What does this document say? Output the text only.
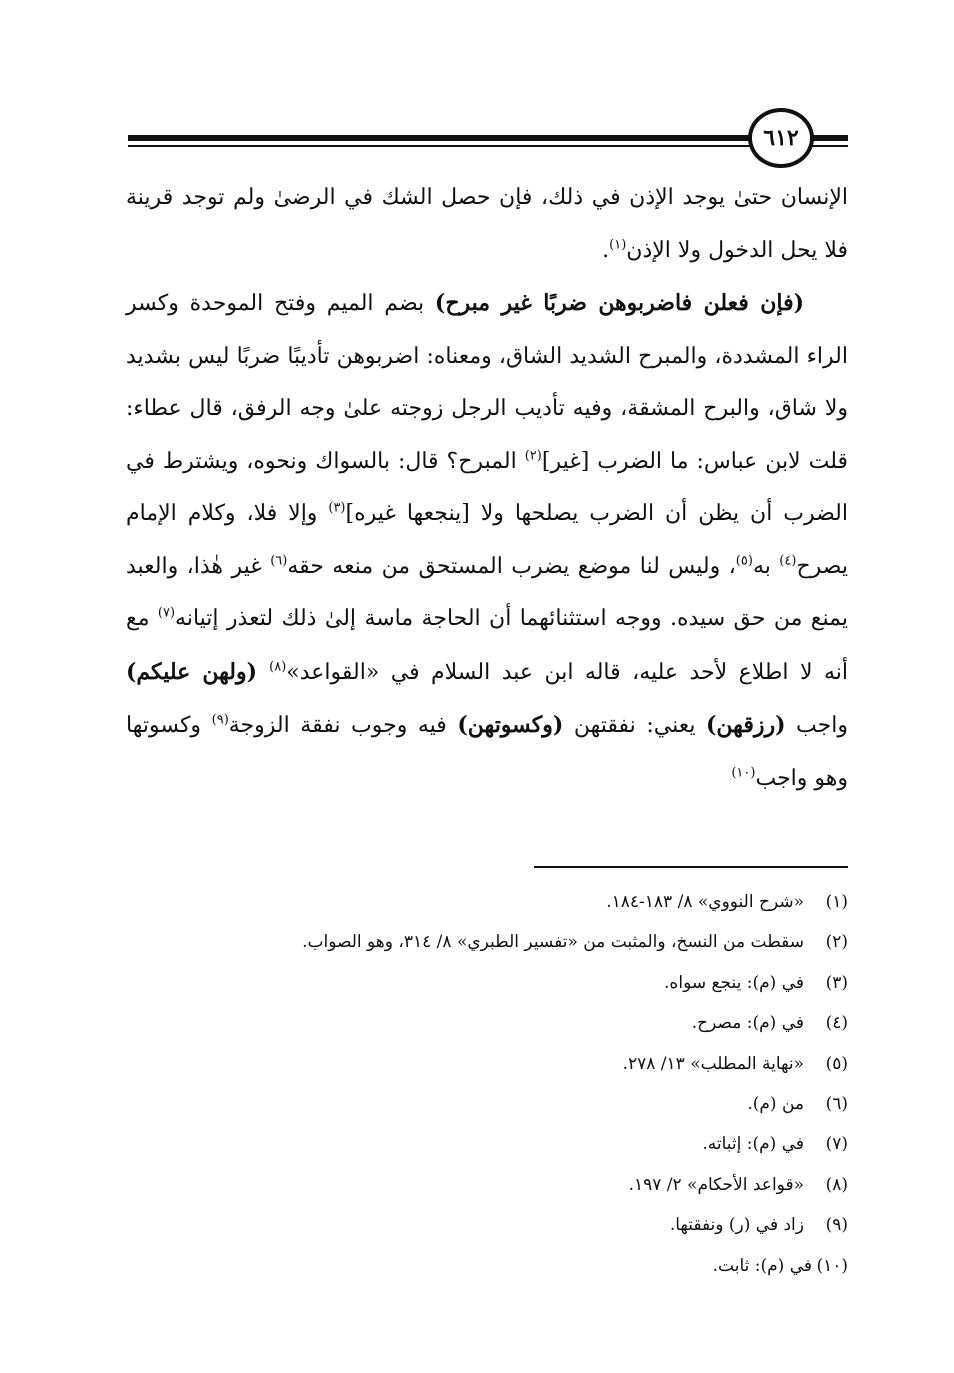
٦١٢

الإنسان حتىٰ يوجد الإذن في ذلك، فإن حصل الشك في الرضىٰ ولم توجد قرينة فلا يحل الدخول ولا الإذن$^{(١)}$.

(فإن فعلن فاضربوهن ضربًا غير مبرح) بضم الميم وفتح الموحدة وكسر الراء المشددة، والمبرح الشديد الشاق، ومعناه: اضربوهن تأديبًا ضربًا ليس بشديد ولا شاق، والبرح المشقة، وفيه تأديب الرجل زوجته علىٰ وجه الرفق، قال عطاء: قلت لابن عباس: ما الضرب [غير]$^{(٢)}$ المبرح؟ قال: بالسواك ونحوه، ويشترط في الضرب أن يظن أن الضرب يصلحها ولا [ينجعها غيره]$^{(٣)}$ وإلا فلا، وكلام الإمام يصرح$^{(٤)}$ به$^{(٥)}$، وليس لنا موضع يضرب المستحق من منعه حقه$^{(٦)}$ غير هٰذا، والعبد يمنع من حق سيده. ووجه استثنائهما أن الحاجة ماسة إلىٰ ذلك لتعذر إتيانه$^{(٧)}$ مع أنه لا اطلاع لأحد عليه، قاله ابن عبد السلام في «القواعد»$^{(٨)}$ (ولهن عليكم) واجب (رزقهن) يعني: نفقتهن (وكسوتهن) فيه وجوب نفقة الزوجة$^{(٩)}$ وكسوتها وهو واجب$^{(١٠)}$

(١)
«شرح النووي» ٨/ ١٨٣-١٨٤.
(٢)
سقطت من النسخ، والمثبت من «تفسير الطبري» ٨/ ٣١٤، وهو الصواب.
(٣)
في (م): ينجع سواه.
(٤)
في (م): مصرح.
(٥)
«نهاية المطلب» ١٣/ ٢٧٨.
(٦)
من (م).
(٧)
في (م): إثباته.
(٨)
«قواعد الأحكام» ٢/ ١٩٧.
(٩)
زاد في (ر) ونفقتها.
(١٠)
في (م): ثابت.
